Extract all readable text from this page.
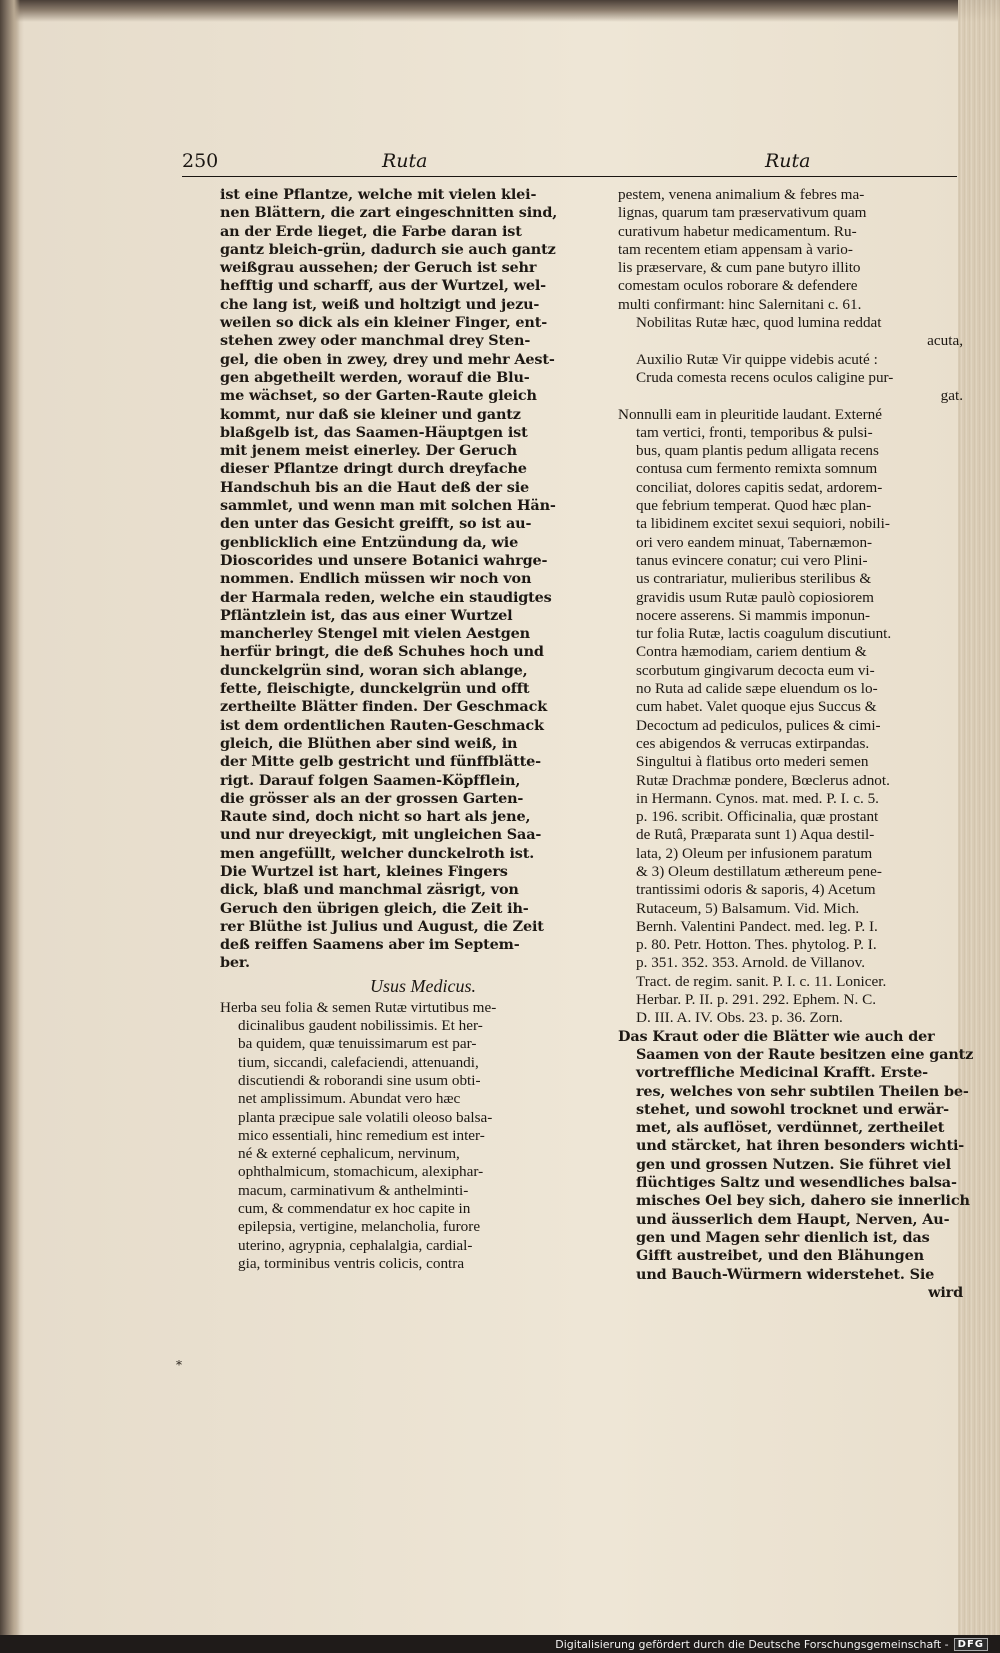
250	Ruta	Ruta
ist eine Pflantze, welche mit vielen klei-
nen Blättern, die zart eingeschnitten sind,
an der Erde lieget, die Farbe daran ist
gantz bleich-grün, dadurch sie auch gantz
weißgrau aussehen; der Geruch ist sehr
hefftig und scharff, aus der Wurtzel, wel-
che lang ist, weiß und holtzigt und jezu-
weilen so dick als ein kleiner Finger, ent-
stehen zwey oder manchmal drey Sten-
gel, die oben in zwey, drey und mehr Aest-
gen abgetheilt werden, worauf die Blu-
me wächset, so der Garten-Raute gleich
kommt, nur daß sie kleiner und gantz
blaßgelb ist, das Saamen-Häuptgen ist
mit jenem meist einerley. Der Geruch
dieser Pflantze dringt durch dreyfache
Handschuh bis an die Haut deß der sie
sammlet, und wenn man mit solchen Hän-
den unter das Gesicht greifft, so ist au-
genblicklich eine Entzündung da, wie
Dioscorides und unsere Botanici wahrge-
nommen. Endlich müssen wir noch von
der Harmala reden, welche ein staudigtes
Pfläntzlein ist, das aus einer Wurtzel
mancherley Stengel mit vielen Aestgen
herfür bringt, die deß Schuhes hoch und
dunckelgrün sind, woran sich ablange,
fette, fleischigte, dunckelgrün und offt
zertheilte Blätter finden. Der Geschmack
ist dem ordentlichen Rauten-Geschmack
gleich, die Blüthen aber sind weiß, in
der Mitte gelb gestricht und fünffblätte-
rigt. Darauf folgen Saamen-Köpfflein,
die grösser als an der grossen Garten-
Raute sind, doch nicht so hart als jene,
und nur dreyeckigt, mit ungleichen Saa-
men angefüllt, welcher dunckelroth ist.
Die Wurtzel ist hart, kleines Fingers
dick, blaß und manchmal zäsrigt, von
Geruch den übrigen gleich, die Zeit ih-
rer Blüthe ist Julius und August, die Zeit
deß reiffen Saamens aber im Septem-
ber.
Usus Medicus.
Herba seu folia & semen Rutæ virtutibus me-
dicinalibus gaudent nobilissimis. Et her-
ba quidem, quæ tenuissimarum est par-
tium, siccandi, calefaciendi, attenuandi,
discutiendi & roborandi sine usum obti-
net amplissimum. Abundat vero hæc
planta præcipue sale volatili oleoso balsa-
mico essentiali, hinc remedium est inter-
né & externé cephalicum, nervinum,
ophthalmicum, stomachicum, alexiphar-
macum, carminativum & anthelminti-
cum, & commendatur ex hoc capite in
epilepsia, vertigine, melancholia, furore
uterino, agrypnia, cephalalgia, cardial-
gia, torminibus ventris colicis, contra
pestem, venena animalium & febres ma-
lignas, quarum tam præservativum quam
curativum habetur medicamentum. Ru-
tam recentem etiam appensam à vario-
lis præservare, & cum pane butyro illito
comestam oculos roborare & defendere
multi confirmant: hinc Salernitani c. 61.
Nobilitas Rutæ hæc, quod lumina reddat
acuta,
Auxilio Rutæ Vir quippe videbis acuté :
Cruda comesta recens oculos caligine pur-
gat.
Nonnulli eam in pleuritide laudant. Externé
tam vertici, fronti, temporibus & pulsi-
bus, quam plantis pedum alligata recens
contusa cum fermento remixta somnum
conciliat, dolores capitis sedat, ardorem-
que febrium temperat. Quod hæc plan-
ta libidinem excitet sexui sequiori, nobili-
ori vero eandem minuat, Tabernæmon-
tanus evincere conatur; cui vero Plini-
us contrariatur, mulieribus sterilibus &
gravidis usum Rutæ paulò copiosiorem
nocere asserens. Si mammis imponun-
tur folia Rutæ, lactis coagulum discutiunt.
Contra hæmodiam, cariem dentium &
scorbutum gingivarum decocta eum vi-
no Ruta ad calide sæpe eluendum os lo-
cum habet. Valet quoque ejus Succus &
Decoctum ad pediculos, pulices & cimi-
ces abigendos & verrucas extirpandas.
Singultui à flatibus orto mederi semen
Rutæ Drachmæ pondere, Bœclerus adnot.
in Hermann. Cynos. mat. med. P. I. c. 5.
p. 196. scribit. Officinalia, quæ prostant
de Rutâ, Præparata sunt 1) Aqua destil-
lata, 2) Oleum per infusionem paratum
& 3) Oleum destillatum æthereum pene-
trantissimi odoris & saporis, 4) Acetum
Rutaceum, 5) Balsamum. Vid. Mich.
Bernh. Valentini Pandect. med. leg. P. I.
p. 80. Petr. Hotton. Thes. phytolog. P. I.
p. 351. 352. 353. Arnold. de Villanov.
Tract. de regim. sanit. P. I. c. 11. Lonicer.
Herbar. P. II. p. 291. 292. Ephem. N. C.
D. III. A. IV. Obs. 23. p. 36. Zorn.
Das Kraut oder die Blätter wie auch der
Saamen von der Raute besitzen eine gantz
vortreffliche Medicinal Krafft. Erste-
res, welches von sehr subtilen Theilen be-
stehet, und sowohl trocknet und erwär-
met, als auflöset, verdünnet, zertheilet
und stärcket, hat ihren besonders wichti-
gen und grossen Nutzen. Sie führet viel
flüchtiges Saltz und wesendliches balsa-
misches Oel bey sich, dahero sie innerlich
und äusserlich dem Haupt, Nerven, Au-
gen und Magen sehr dienlich ist, das
Gifft austreibet, und den Blähungen
und Bauch-Würmern widerstehet. Sie
wird
*
Digitalisierung gefördert durch die Deutsche Forschungsgemeinschaft - DFG
